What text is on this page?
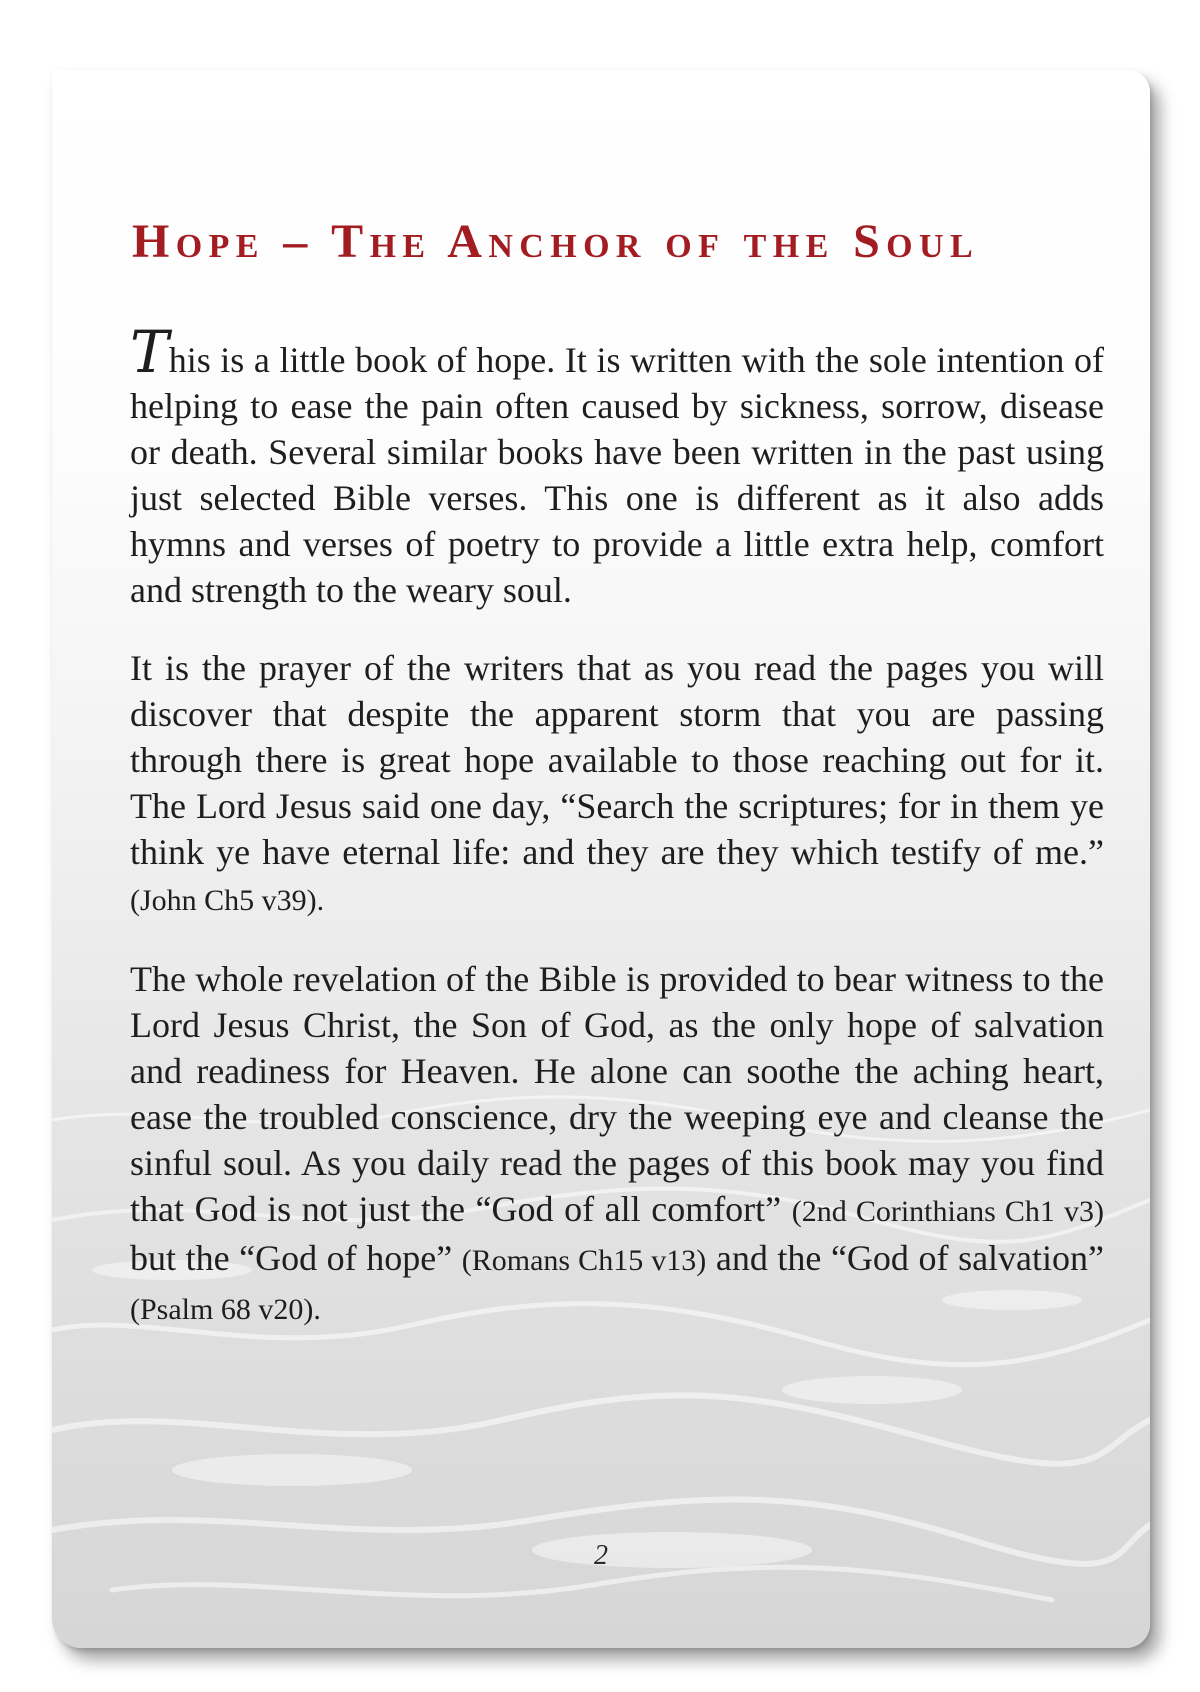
Hope – The Anchor of the Soul

This is a little book of hope. It is written with the sole intention of helping to ease the pain often caused by sickness, sorrow, disease or death. Several similar books have been written in the past using just selected Bible verses. This one is different as it also adds hymns and verses of poetry to provide a little extra help, comfort and strength to the weary soul.

It is the prayer of the writers that as you read the pages you will discover that despite the apparent storm that you are passing through there is great hope available to those reaching out for it. The Lord Jesus said one day, “Search the scriptures; for in them ye think ye have eternal life: and they are they which testify of me.” (John Ch5 v39).

The whole revelation of the Bible is provided to bear witness to the Lord Jesus Christ, the Son of God, as the only hope of salvation and readiness for Heaven. He alone can soothe the aching heart, ease the troubled conscience, dry the weeping eye and cleanse the sinful soul. As you daily read the pages of this book may you find that God is not just the “God of all comfort” (2nd Corinthians Ch1 v3) but the “God of hope” (Romans Ch15 v13) and the “God of salvation” (Psalm 68 v20).

2
